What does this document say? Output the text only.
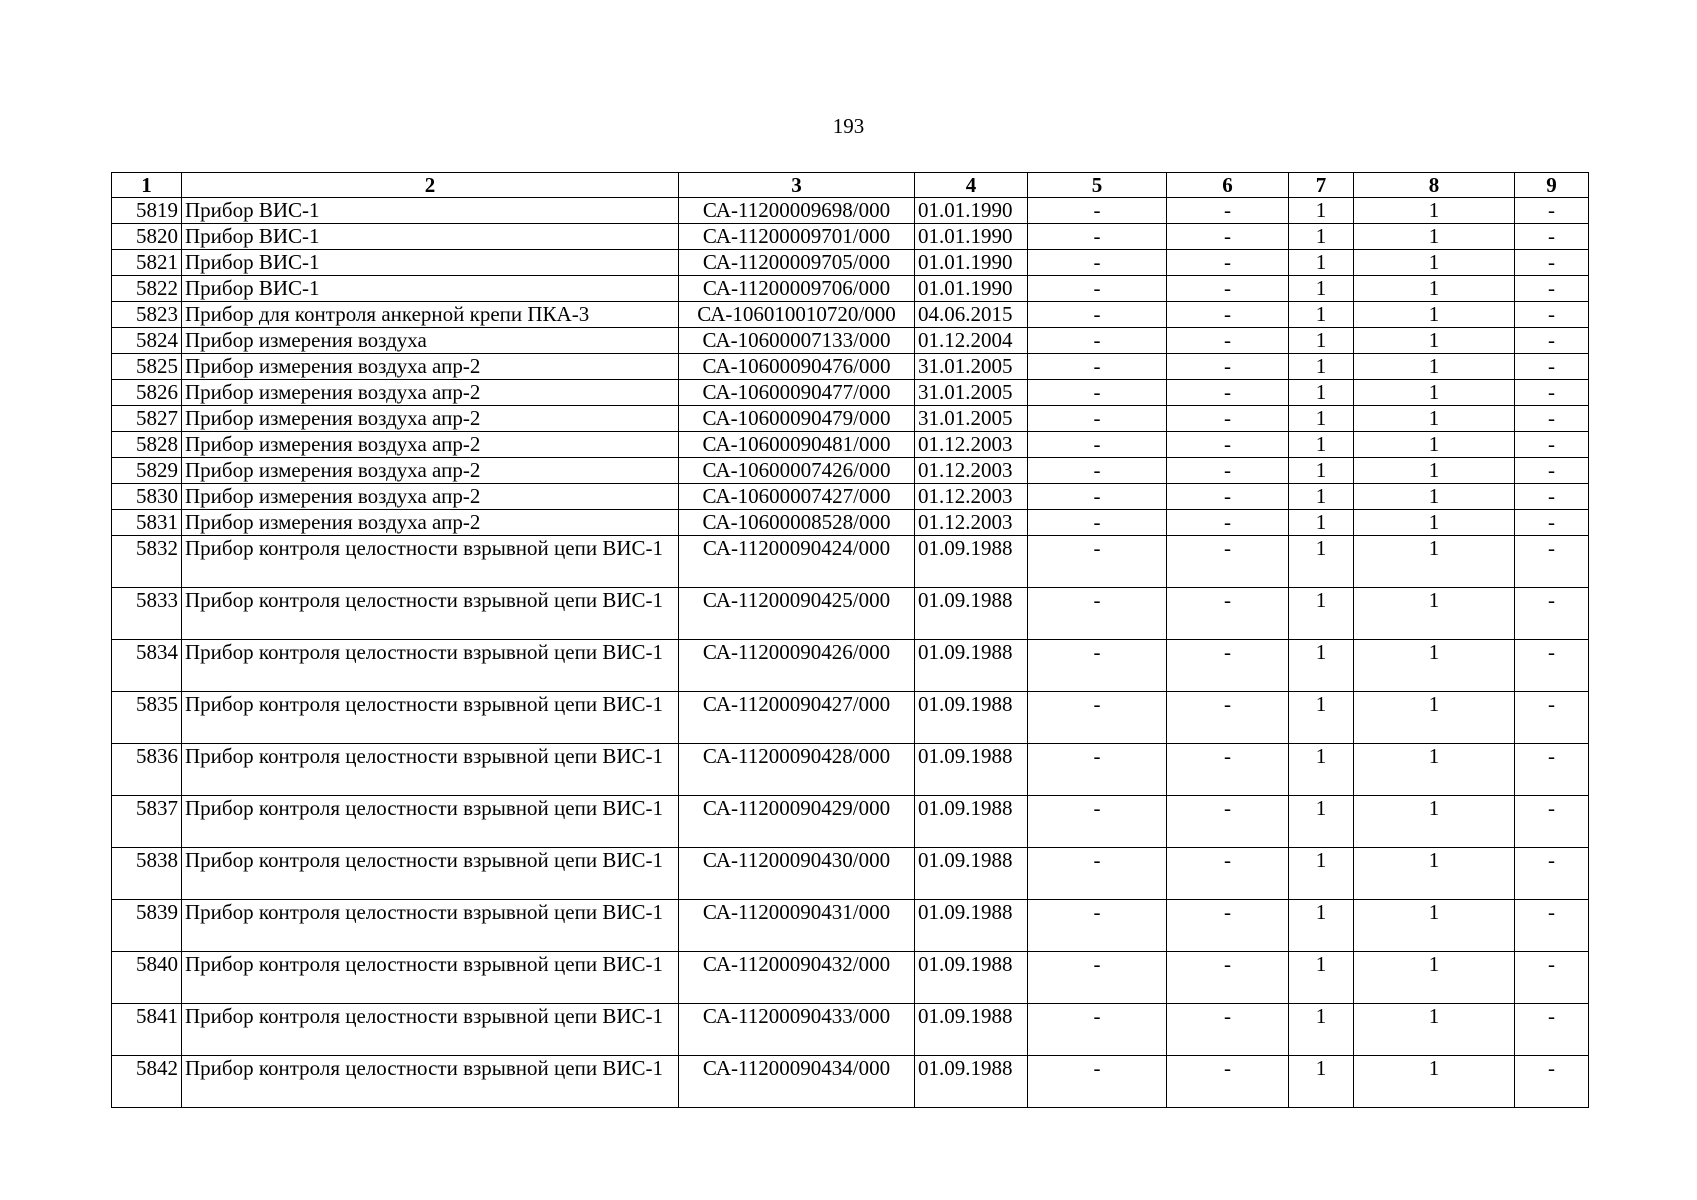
193
1	2	3	4	5	6	7	8	9
5819	Прибор ВИС-1	СА-11200009698/000	01.01.1990	-	-	1	1	-
5820	Прибор ВИС-1	СА-11200009701/000	01.01.1990	-	-	1	1	-
5821	Прибор ВИС-1	СА-11200009705/000	01.01.1990	-	-	1	1	-
5822	Прибор ВИС-1	СА-11200009706/000	01.01.1990	-	-	1	1	-
5823	Прибор для контроля анкерной крепи ПКА-3	СА-106010010720/000	04.06.2015	-	-	1	1	-
5824	Прибор измерения воздуха	СА-10600007133/000	01.12.2004	-	-	1	1	-
5825	Прибор измерения воздуха апр-2	СА-10600090476/000	31.01.2005	-	-	1	1	-
5826	Прибор измерения воздуха апр-2	СА-10600090477/000	31.01.2005	-	-	1	1	-
5827	Прибор измерения воздуха апр-2	СА-10600090479/000	31.01.2005	-	-	1	1	-
5828	Прибор измерения воздуха апр-2	СА-10600090481/000	01.12.2003	-	-	1	1	-
5829	Прибор измерения воздуха апр-2	СА-10600007426/000	01.12.2003	-	-	1	1	-
5830	Прибор измерения воздуха апр-2	СА-10600007427/000	01.12.2003	-	-	1	1	-
5831	Прибор измерения воздуха апр-2	СА-10600008528/000	01.12.2003	-	-	1	1	-
5832	Прибор контроля целостности взрывной цепи ВИС-1	СА-11200090424/000	01.09.1988	-	-	1	1	-
5833	Прибор контроля целостности взрывной цепи ВИС-1	СА-11200090425/000	01.09.1988	-	-	1	1	-
5834	Прибор контроля целостности взрывной цепи ВИС-1	СА-11200090426/000	01.09.1988	-	-	1	1	-
5835	Прибор контроля целостности взрывной цепи ВИС-1	СА-11200090427/000	01.09.1988	-	-	1	1	-
5836	Прибор контроля целостности взрывной цепи ВИС-1	СА-11200090428/000	01.09.1988	-	-	1	1	-
5837	Прибор контроля целостности взрывной цепи ВИС-1	СА-11200090429/000	01.09.1988	-	-	1	1	-
5838	Прибор контроля целостности взрывной цепи ВИС-1	СА-11200090430/000	01.09.1988	-	-	1	1	-
5839	Прибор контроля целостности взрывной цепи ВИС-1	СА-11200090431/000	01.09.1988	-	-	1	1	-
5840	Прибор контроля целостности взрывной цепи ВИС-1	СА-11200090432/000	01.09.1988	-	-	1	1	-
5841	Прибор контроля целостности взрывной цепи ВИС-1	СА-11200090433/000	01.09.1988	-	-	1	1	-
5842	Прибор контроля целостности взрывной цепи ВИС-1	СА-11200090434/000	01.09.1988	-	-	1	1	-
